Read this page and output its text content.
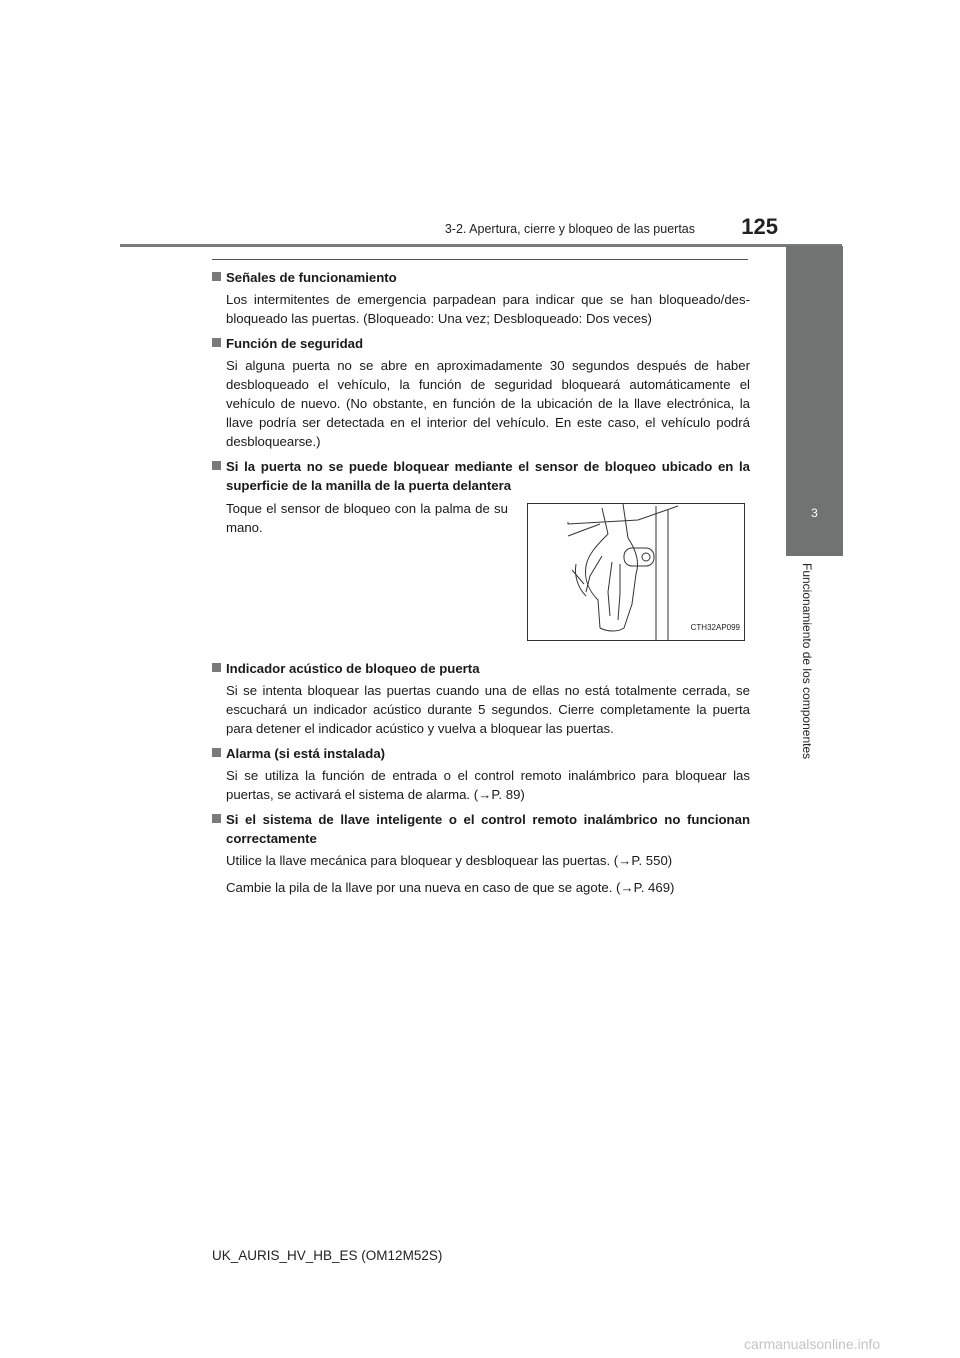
3-2. Apertura, cierre y bloqueo de las puertas	125
3
Funcionamiento de los componentes
Señales de funcionamiento
Los intermitentes de emergencia parpadean para indicar que se han bloqueado/desbloqueado las puertas. (Bloqueado: Una vez; Desbloqueado: Dos veces)
Función de seguridad
Si alguna puerta no se abre en aproximadamente 30 segundos después de haber desbloqueado el vehículo, la función de seguridad bloqueará automáticamente el vehículo de nuevo. (No obstante, en función de la ubicación de la llave electrónica, la llave podría ser detectada en el interior del vehículo. En este caso, el vehículo podrá desbloquearse.)
Si la puerta no se puede bloquear mediante el sensor de bloqueo ubicado en la superficie de la manilla de la puerta delantera
Toque el sensor de bloqueo con la palma de su mano.
CTH32AP099
Indicador acústico de bloqueo de puerta
Si se intenta bloquear las puertas cuando una de ellas no está totalmente cerrada, se escuchará un indicador acústico durante 5 segundos. Cierre completamente la puerta para detener el indicador acústico y vuelva a bloquear las puertas.
Alarma (si está instalada)
Si se utiliza la función de entrada o el control remoto inalámbrico para bloquear las puertas, se activará el sistema de alarma. (→P. 89)
Si el sistema de llave inteligente o el control remoto inalámbrico no funcionan correctamente
Utilice la llave mecánica para bloquear y desbloquear las puertas. (→P. 550)
Cambie la pila de la llave por una nueva en caso de que se agote. (→P. 469)
UK_AURIS_HV_HB_ES (OM12M52S)
carmanualsonline.info
